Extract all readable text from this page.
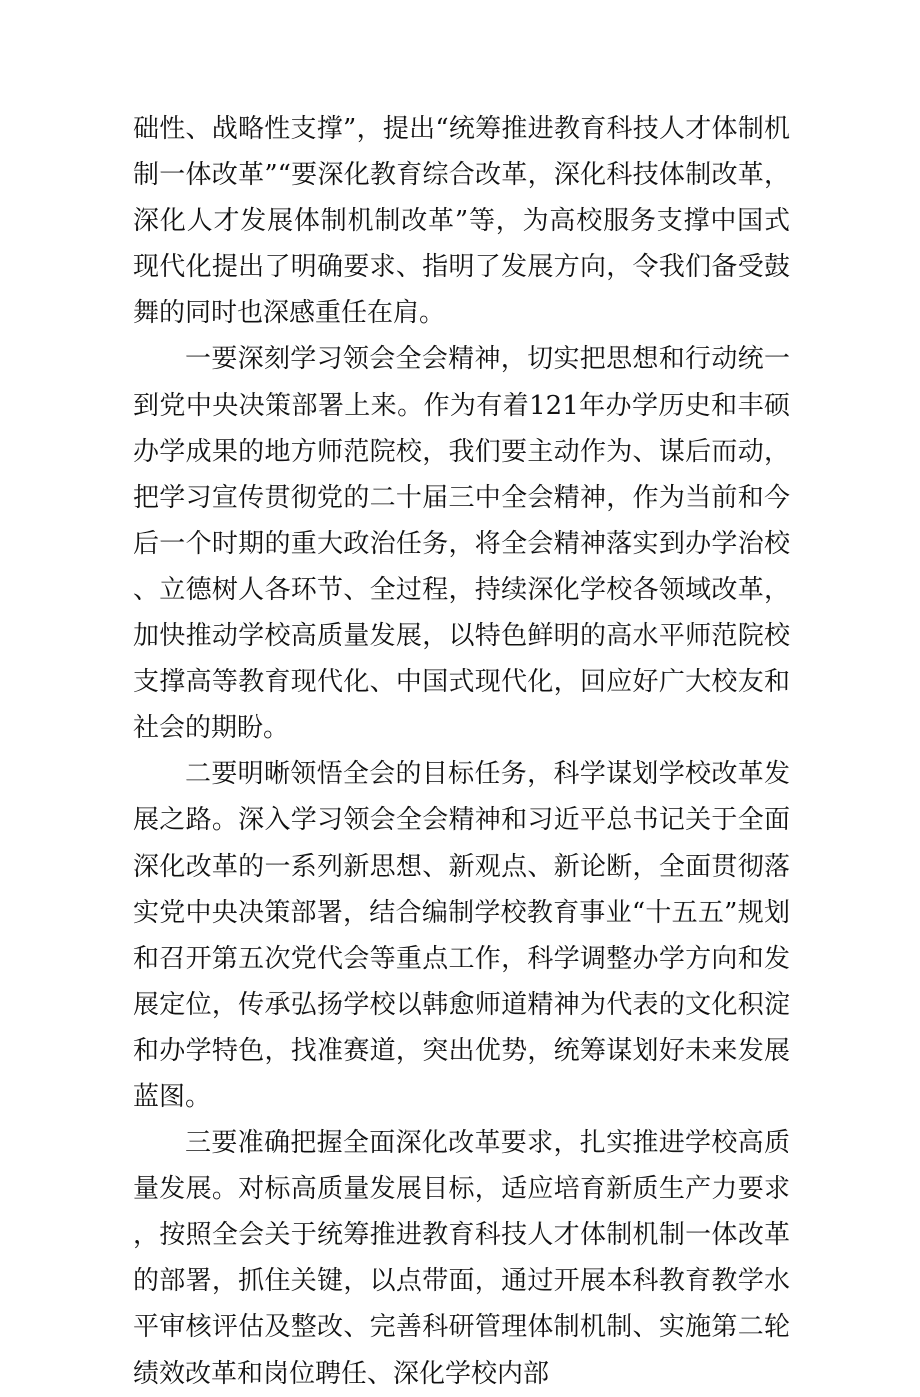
础性、战略性支撑”，提出“统筹推进教育科技人才体制机制一体改革”“要深化教育综合改革，深化科技体制改革，深化人才发展体制机制改革”等，为高校服务支撑中国式现代化提出了明确要求、指明了发展方向，令我们备受鼓舞的同时也深感重任在肩。

一要深刻学习领会全会精神，切实把思想和行动统一到党中央决策部署上来。作为有着121年办学历史和丰硕办学成果的地方师范院校，我们要主动作为、谋后而动，把学习宣传贯彻党的二十届三中全会精神，作为当前和今后一个时期的重大政治任务，将全会精神落实到办学治校、立德树人各环节、全过程，持续深化学校各领域改革，加快推动学校高质量发展，以特色鲜明的高水平师范院校支撑高等教育现代化、中国式现代化，回应好广大校友和社会的期盼。

二要明晰领悟全会的目标任务，科学谋划学校改革发展之路。深入学习领会全会精神和习近平总书记关于全面深化改革的一系列新思想、新观点、新论断，全面贯彻落实党中央决策部署，结合编制学校教育事业“十五五”规划和召开第五次党代会等重点工作，科学调整办学方向和发展定位，传承弘扬学校以韩愈师道精神为代表的文化积淀和办学特色，找准赛道，突出优势，统筹谋划好未来发展蓝图。

三要准确把握全面深化改革要求，扎实推进学校高质量发展。对标高质量发展目标，适应培育新质生产力要求，按照全会关于统筹推进教育科技人才体制机制一体改革的部署，抓住关键，以点带面，通过开展本科教育教学水平审核评估及整改、完善科研管理体制机制、实施第二轮绩效改革和岗位聘任、深化学校内部
